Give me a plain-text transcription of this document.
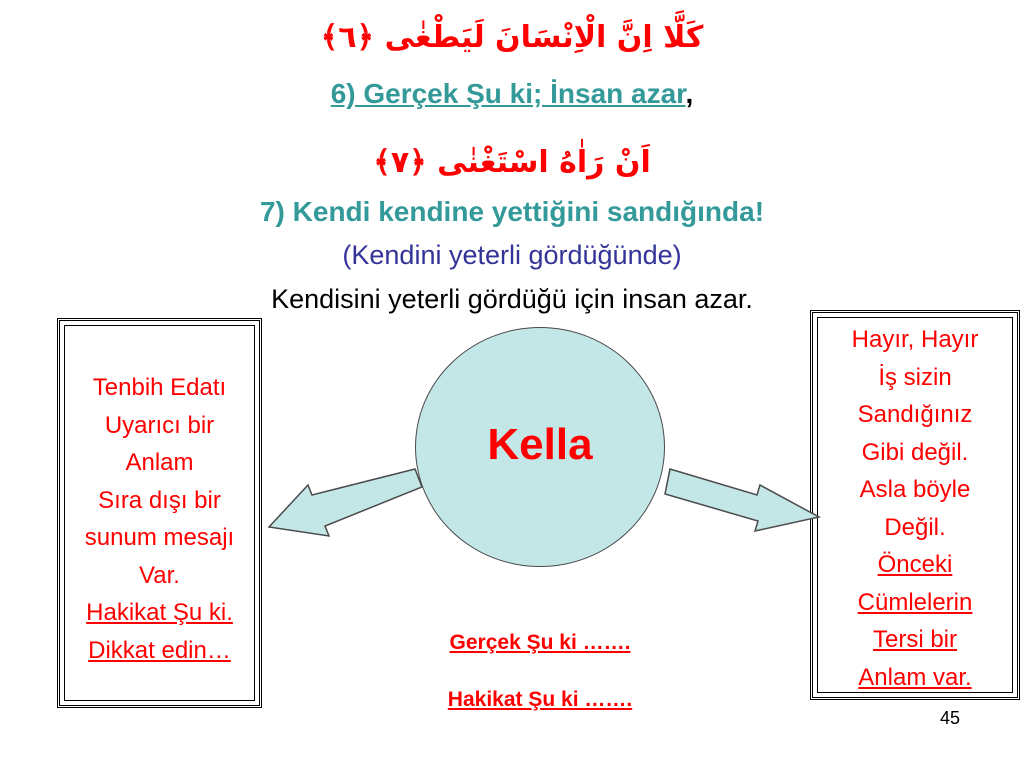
كَلَّا اِنَّ الْاِنْسَانَ لَيَطْغٰى ﴿٦﴾
6) Gerçek Şu ki; İnsan azar,
اَنْ رَاٰهُ اسْتَغْنٰى ﴿٧﴾
7) Kendi kendine yettiğini sandığında!
(Kendini yeterli gördüğünde)
Kendisini yeterli gördüğü için insan azar.
Tenbih Edatı
Uyarıcı bir
Anlam
Sıra dışı bir
sunum mesajı
Var.
Hakikat Şu ki.
Dikkat edin…
Hayır, Hayır
İş sizin
Sandığınız
Gibi değil.
Asla böyle
Değil.
Önceki
Cümlelerin
Tersi bir
Anlam var.
Kella
Gerçek Şu ki …….
Hakikat Şu ki …….
45
